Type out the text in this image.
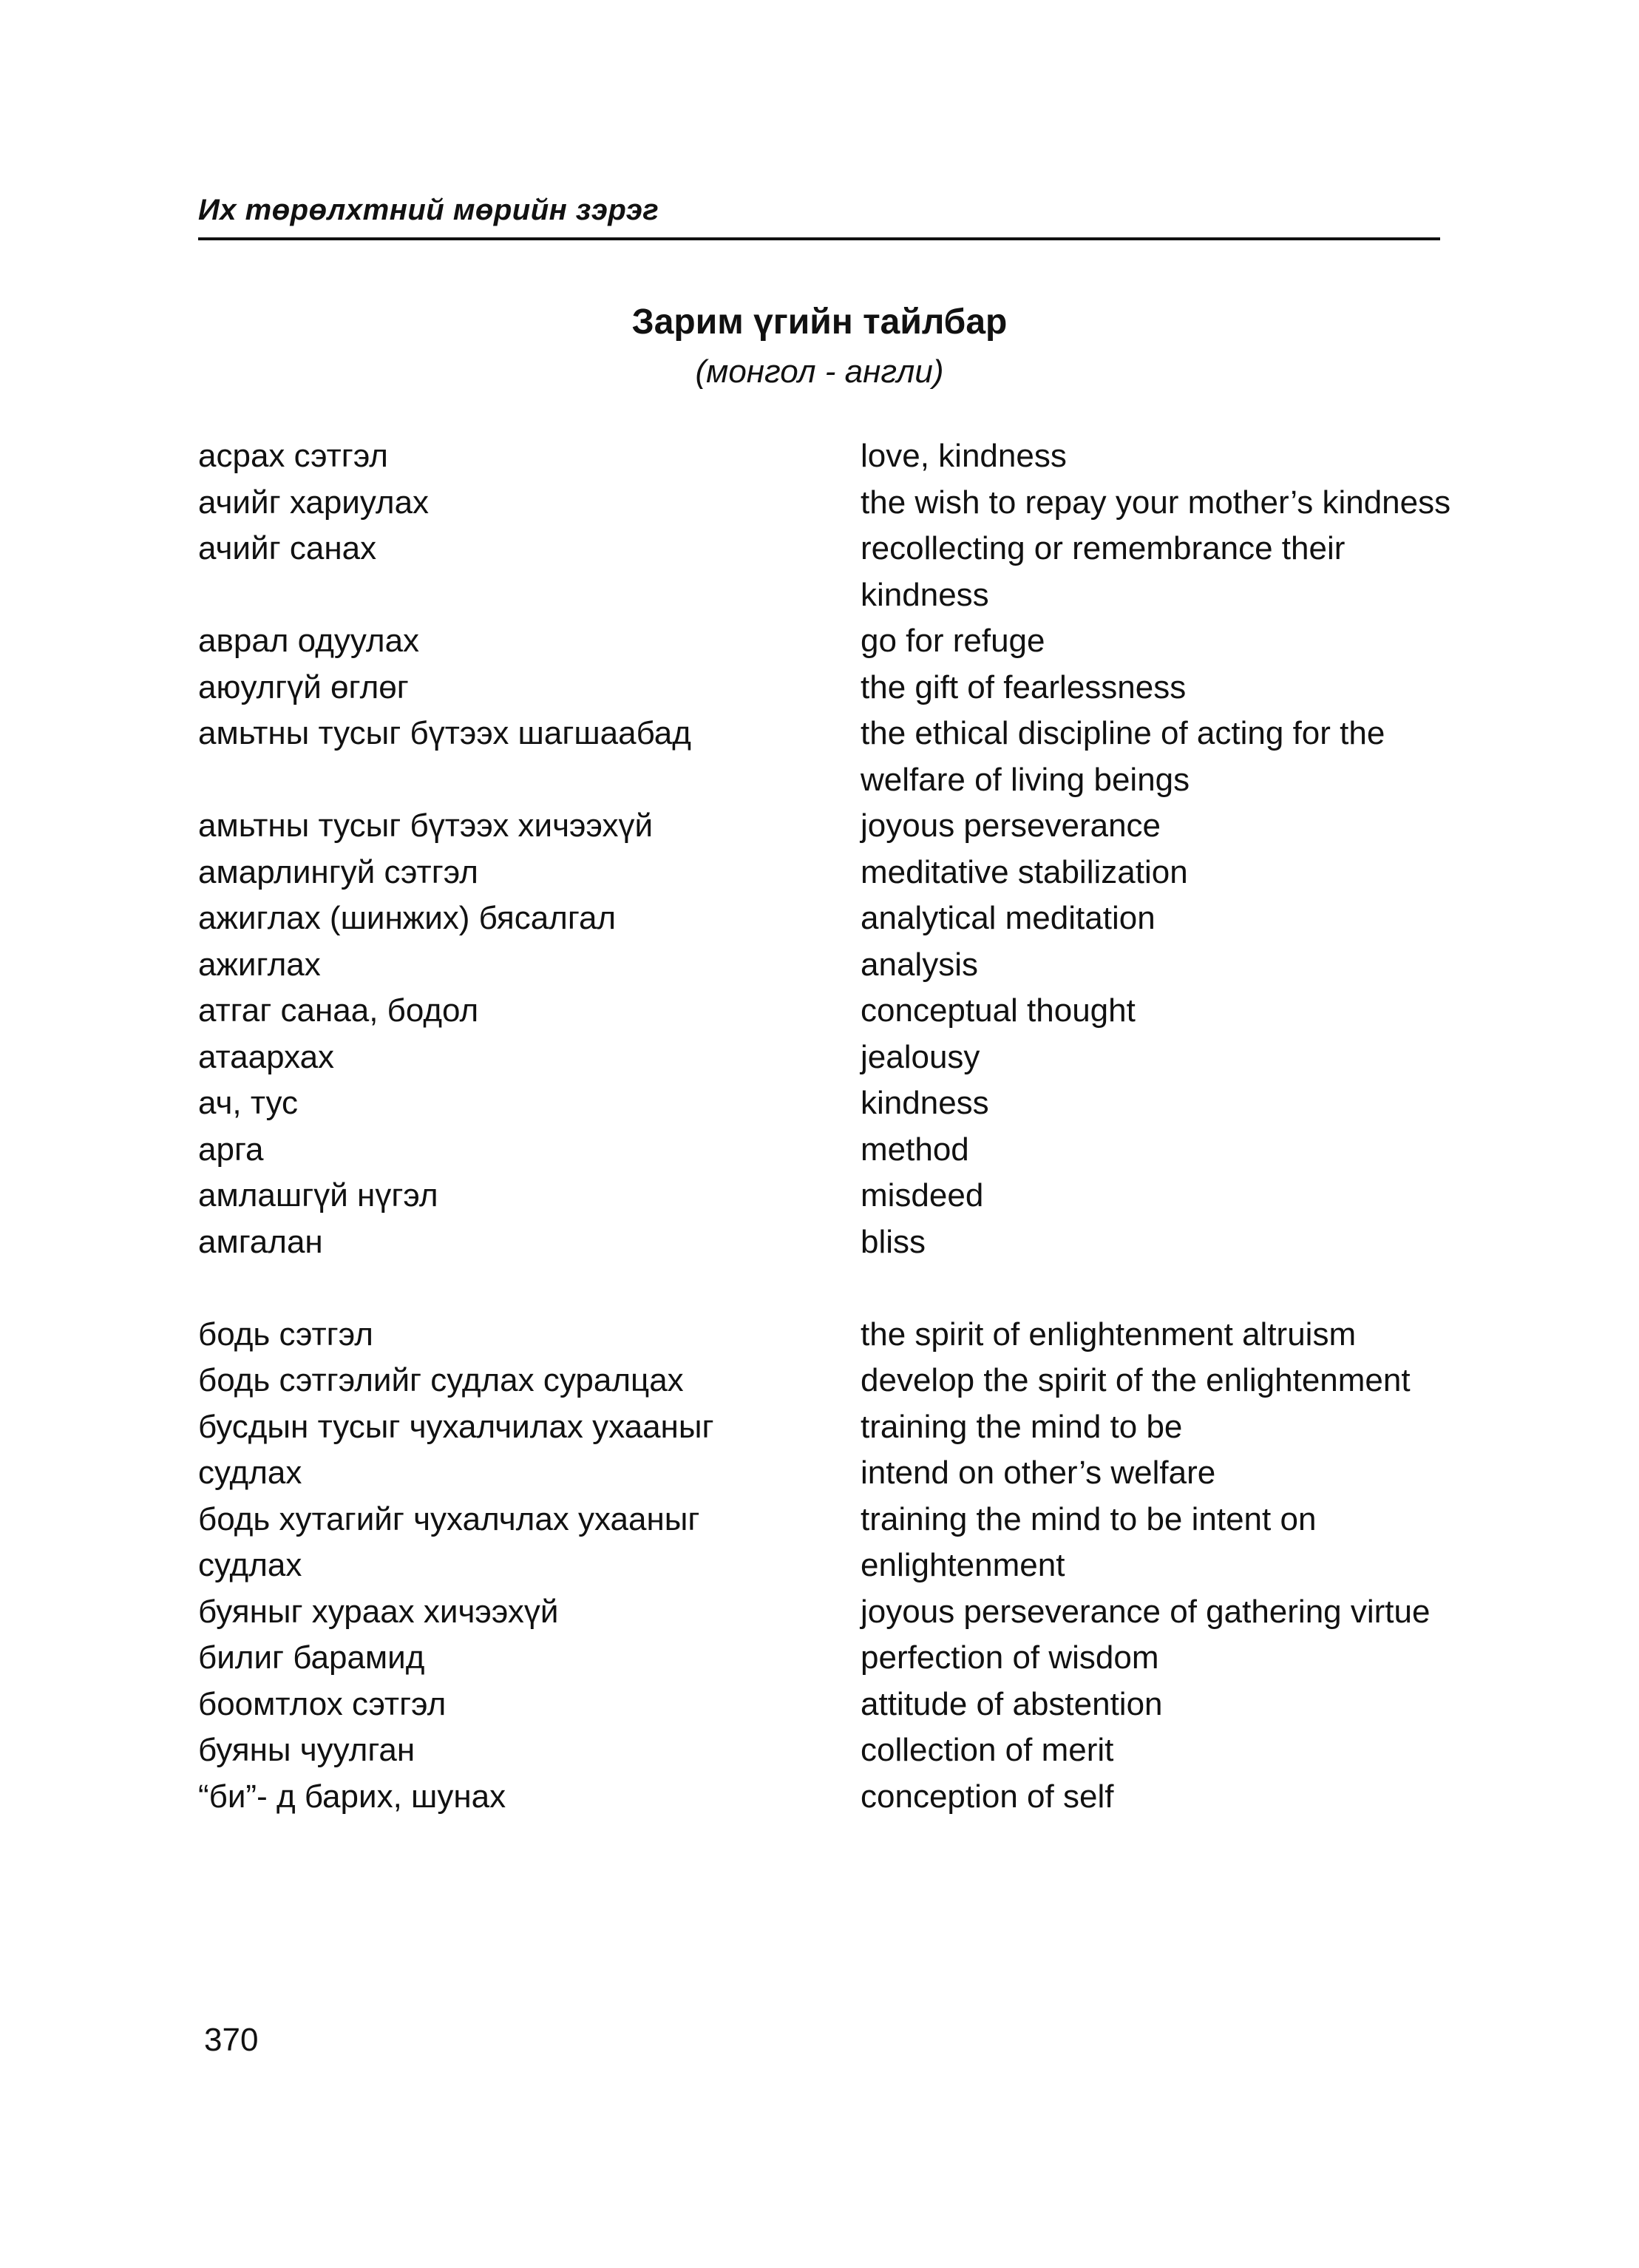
Их төрөлхтний мөрийн зэрэг
Зарим үгийн тайлбар
(монгол - англи)
асрах сэтгэл	love, kindness
ачийг хариулах	the wish to repay your mother’s kindness
ачийг санах	recollecting or remembrance their kindness
аврал одуулах	go for refuge
аюулгүй өглөг	the gift of fearlessness
амьтны тусыг бүтээх шагшаабад	the ethical discipline of acting for the welfare of living beings
амьтны тусыг бүтээх хичээхүй	joyous perseverance
амарлингуй сэтгэл	meditative stabilization
ажиглах (шинжих) бясалгал	analytical meditation
ажиглах	analysis
атгаг санаа, бодол	conceptual thought
атаархах	jealousy
ач, тус	kindness
арга	method
амлашгүй нүгэл	misdeed
амгалан	bliss
бодь сэтгэл	the spirit of enlightenment altruism
бодь сэтгэлийг судлах суралцах	develop the spirit of the enlightenment
бусдын тусыг чухалчилах ухааныг	training the mind to be
судлах	intend on other’s welfare
бодь хутагийг чухалчлах ухааныг	training the mind to be intent on
судлах	enlightenment
буяныг хураах хичээхүй	joyous perseverance of gathering virtue
билиг барамид	perfection of wisdom
боомтлох сэтгэл	attitude of abstention
буяны чуулган	collection of merit
“би”- д барих, шунах	conception of self
370
